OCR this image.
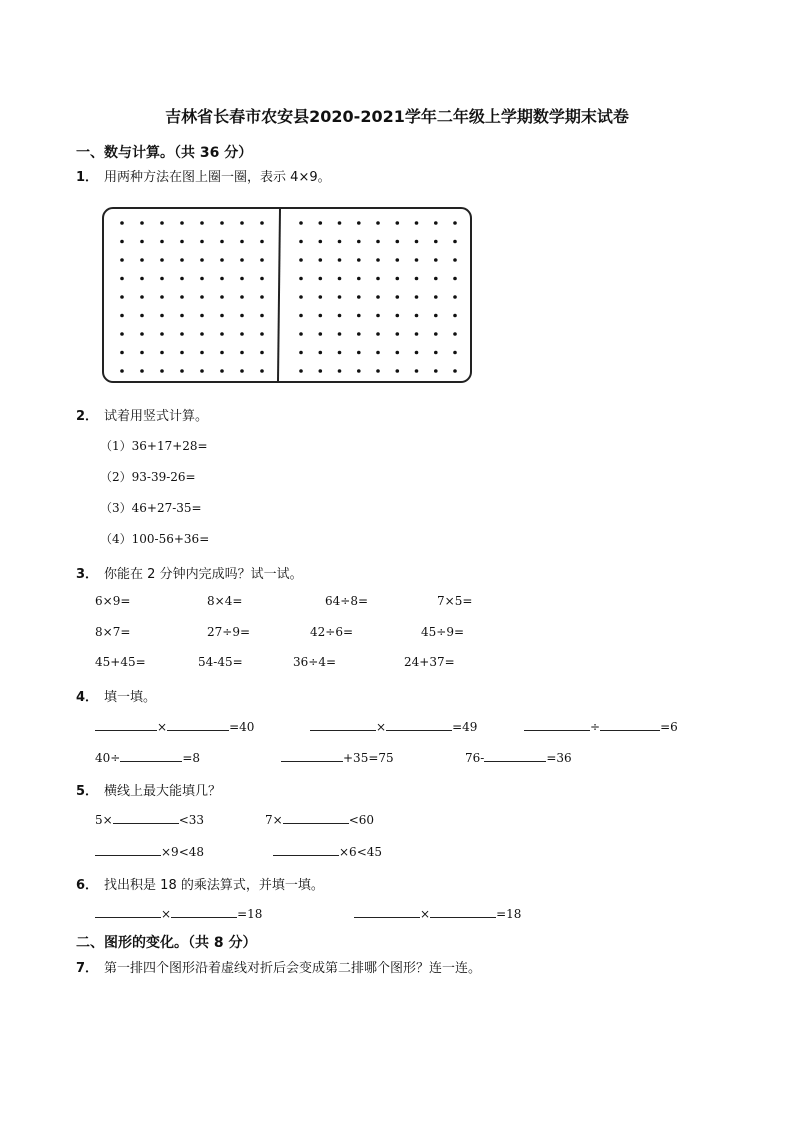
吉林省长春市农安县2020-2021学年二年级上学期数学期末试卷
一、数与计算。（共 36 分）
1． 用两种方法在图上圈一圈，表示 4×9。
2． 试着用竖式计算。
（1）36+17+28=
（2）93-39-26=
（3）46+27-35=
（4）100-56+36=
3． 你能在 2 分钟内完成吗？试一试。
6×9=	8×4=	64÷8=	7×5=
8×7=	27÷9=	42÷6=	45÷9=
45+45=	54-45=	36÷4=	24+37=
4． 填一填。
×	=40	×	=49	÷	=6
40÷	=8	+35=75	76-	=36
5． 横线上最大能填几？
5×	<33	7×	<60
×9<48	×6<45
6． 找出积是 18 的乘法算式，并填一填。
×	=18	×	=18
二、图形的变化。（共 8 分）
7． 第一排四个图形沿着虚线对折后会变成第二排哪个图形？连一连。
